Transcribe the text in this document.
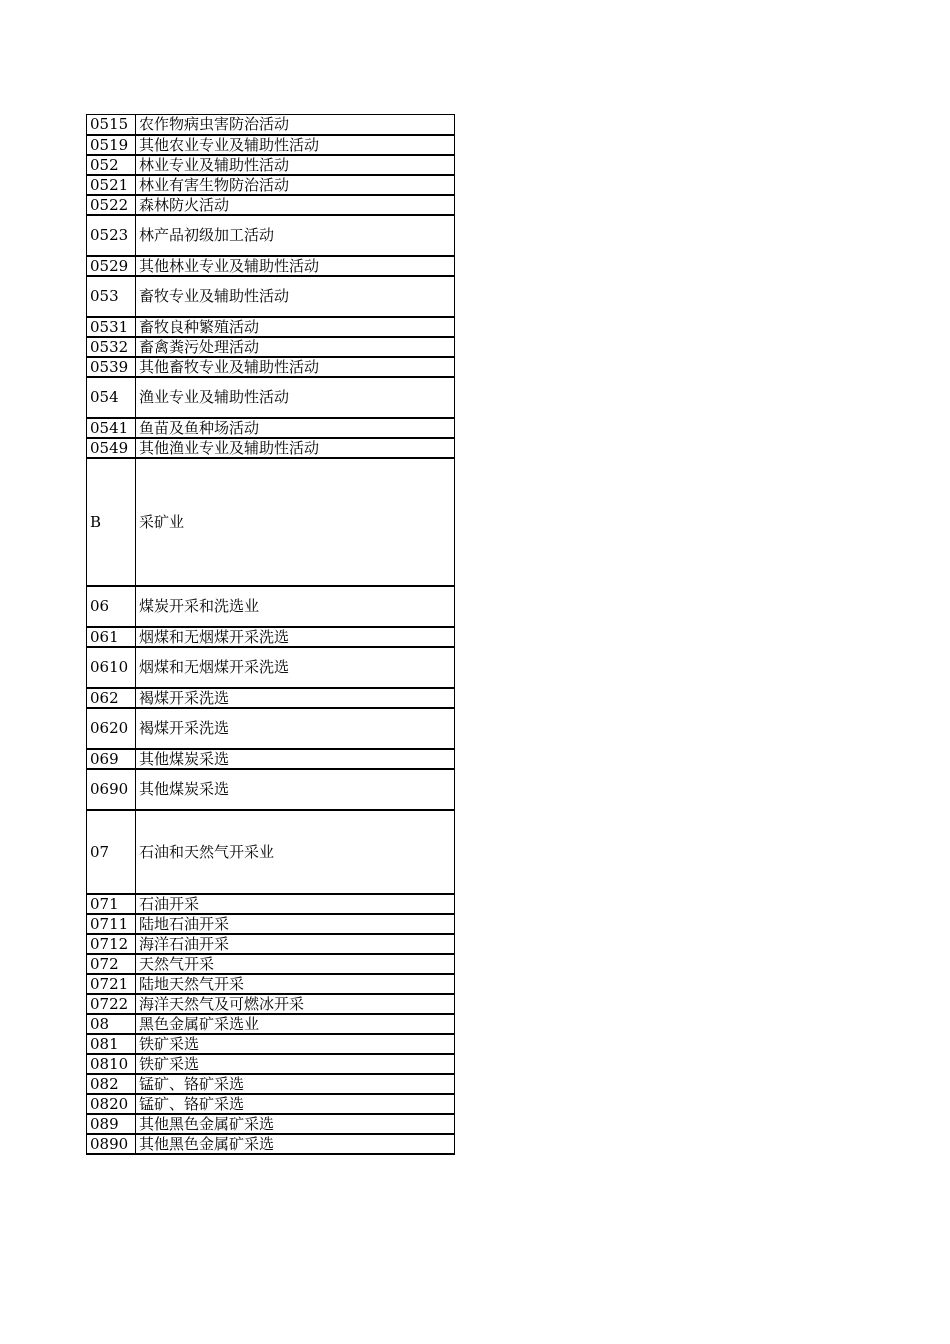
0515	农作物病虫害防治活动
0519	其他农业专业及辅助性活动
052	林业专业及辅助性活动
0521	林业有害生物防治活动
0522	森林防火活动
0523	林产品初级加工活动
0529	其他林业专业及辅助性活动
053	畜牧专业及辅助性活动
0531	畜牧良种繁殖活动
0532	畜禽粪污处理活动
0539	其他畜牧专业及辅助性活动
054	渔业专业及辅助性活动
0541	鱼苗及鱼种场活动
0549	其他渔业专业及辅助性活动
B	采矿业
06	煤炭开采和洗选业
061	烟煤和无烟煤开采洗选
0610	烟煤和无烟煤开采洗选
062	褐煤开采洗选
0620	褐煤开采洗选
069	其他煤炭采选
0690	其他煤炭采选
07	石油和天然气开采业
071	石油开采
0711	陆地石油开采
0712	海洋石油开采
072	天然气开采
0721	陆地天然气开采
0722	海洋天然气及可燃冰开采
08	黑色金属矿采选业
081	铁矿采选
0810	铁矿采选
082	锰矿、铬矿采选
0820	锰矿、铬矿采选
089	其他黑色金属矿采选
0890	其他黑色金属矿采选
